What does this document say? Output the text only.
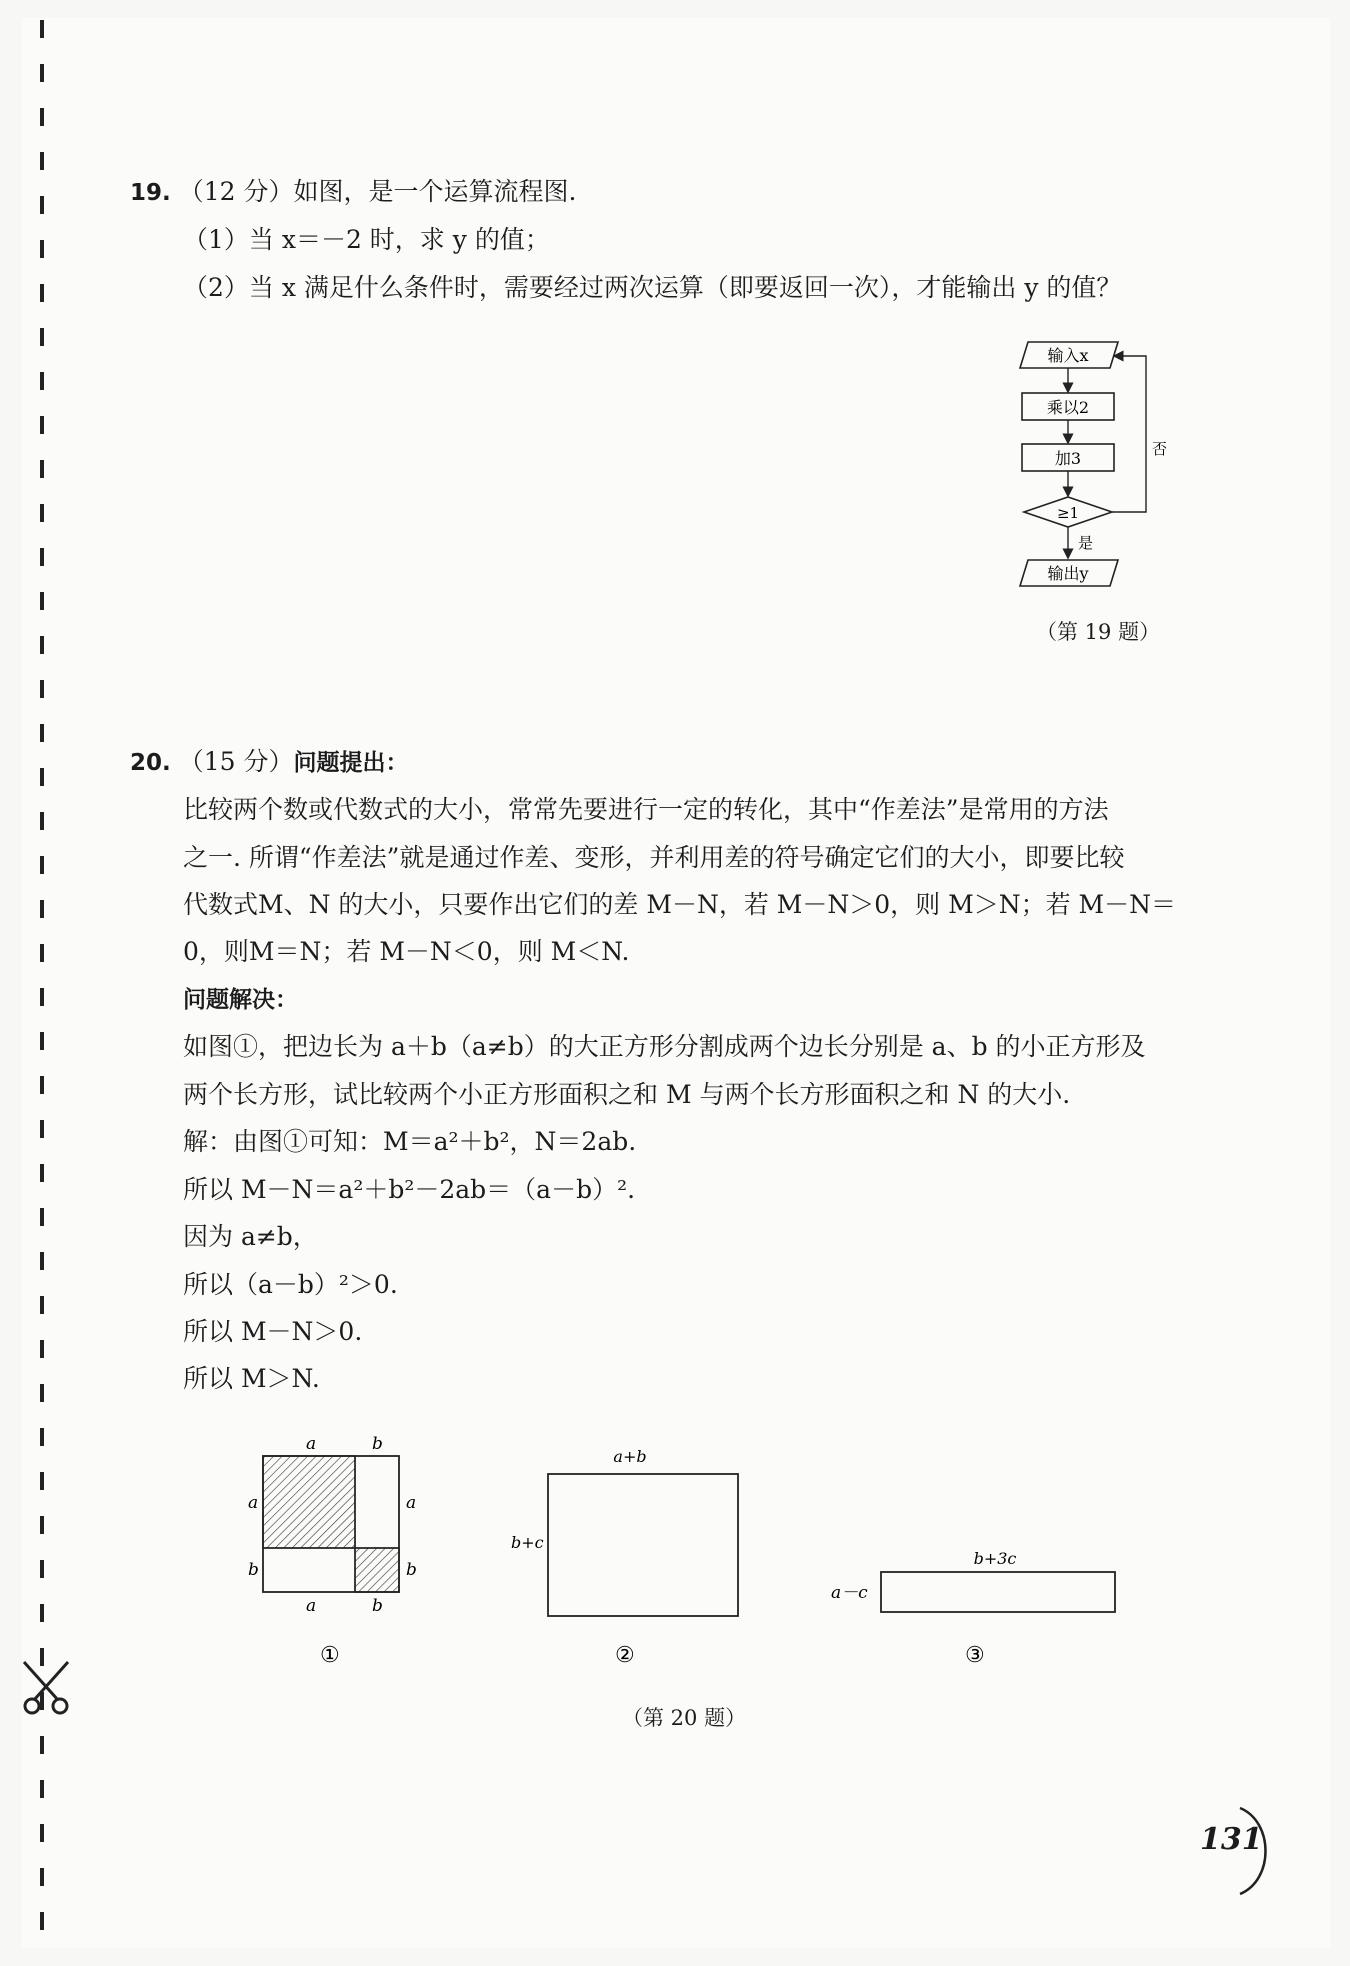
19. （12 分）如图，是一个运算流程图.
（1）当 x＝－2 时，求 y 的值；
（2）当 x 满足什么条件时，需要经过两次运算（即要返回一次），才能输出 y 的值？
输入x
乘以2
加3
≥1
否
是
输出y
（第 19 题）
20. （15 分）问题提出：
比较两个数或代数式的大小，常常先要进行一定的转化，其中“作差法”是常用的方法
之一. 所谓“作差法”就是通过作差、变形，并利用差的符号确定它们的大小，即要比较
代数式M、N 的大小，只要作出它们的差 M－N，若 M－N＞0，则 M＞N；若 M－N＝
0，则M＝N；若 M－N＜0，则 M＜N.
问题解决：
如图①，把边长为 a＋b（a≠b）的大正方形分割成两个边长分别是 a、b 的小正方形及
两个长方形，试比较两个小正方形面积之和 M 与两个长方形面积之和 N 的大小.
解：由图①可知：M＝a²＋b²，N＝2ab.
所以 M－N＝a²＋b²－2ab＝（a－b）².
因为 a≠b，
所以（a－b）²＞0.
所以 M－N＞0.
所以 M＞N.
a	b
a
b
a
b
a	b
①
a+b
b+c
②
b+3c
a－c
③
（第 20 题）
131
